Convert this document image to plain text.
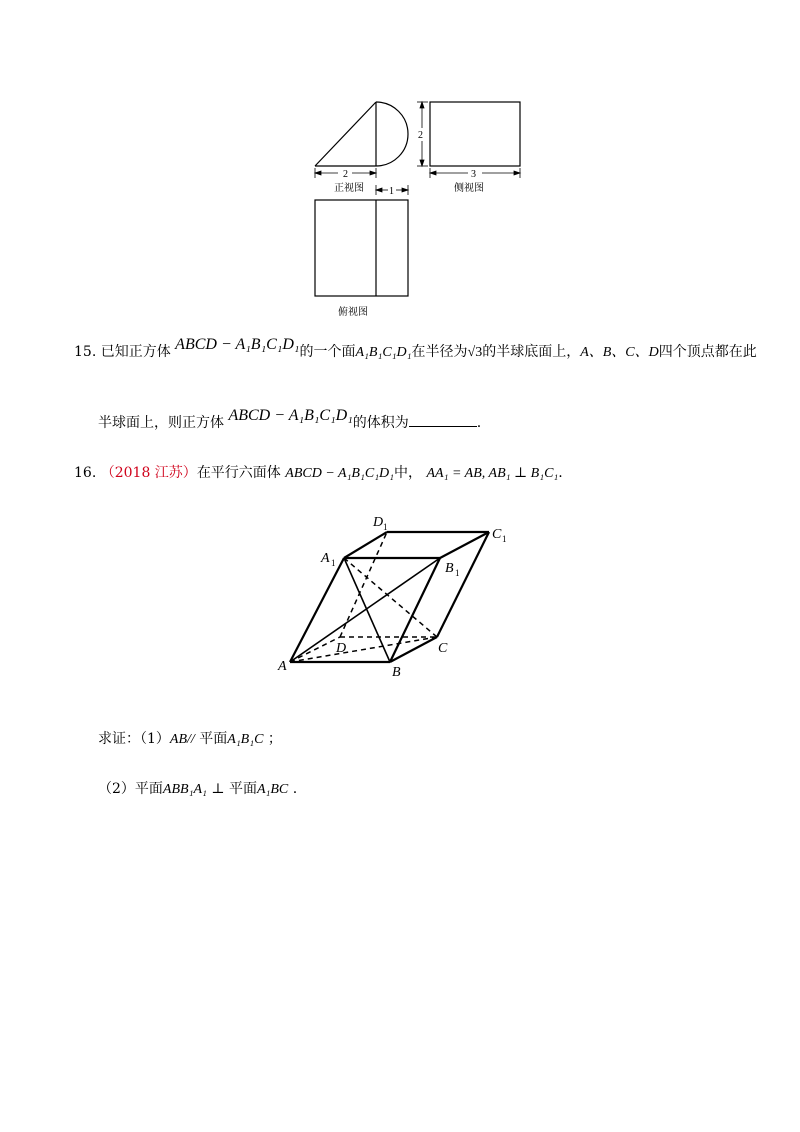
2
正视图
2
3
侧视图
1
俯视图
15. 已知正方体 ABCD − A₁B₁C₁D₁的一个面A₁B₁C₁D₁在半径为√3的半球底面上，A、B、C、D四个顶点都在此
半球面上，则正方体 ABCD − A₁B₁C₁D₁的体积为	.
16. （2018 江苏）在平行六面体 ABCD − A₁B₁C₁D₁中， AA₁ = AB, AB₁ ⊥ B₁C₁.
A	B
C
D
A 1	B 1
C 1
D 1
求证：（1）AB// 平面A₁B₁C ；
（2）平面ABB₁A₁ ⊥ 平面A₁BC .
